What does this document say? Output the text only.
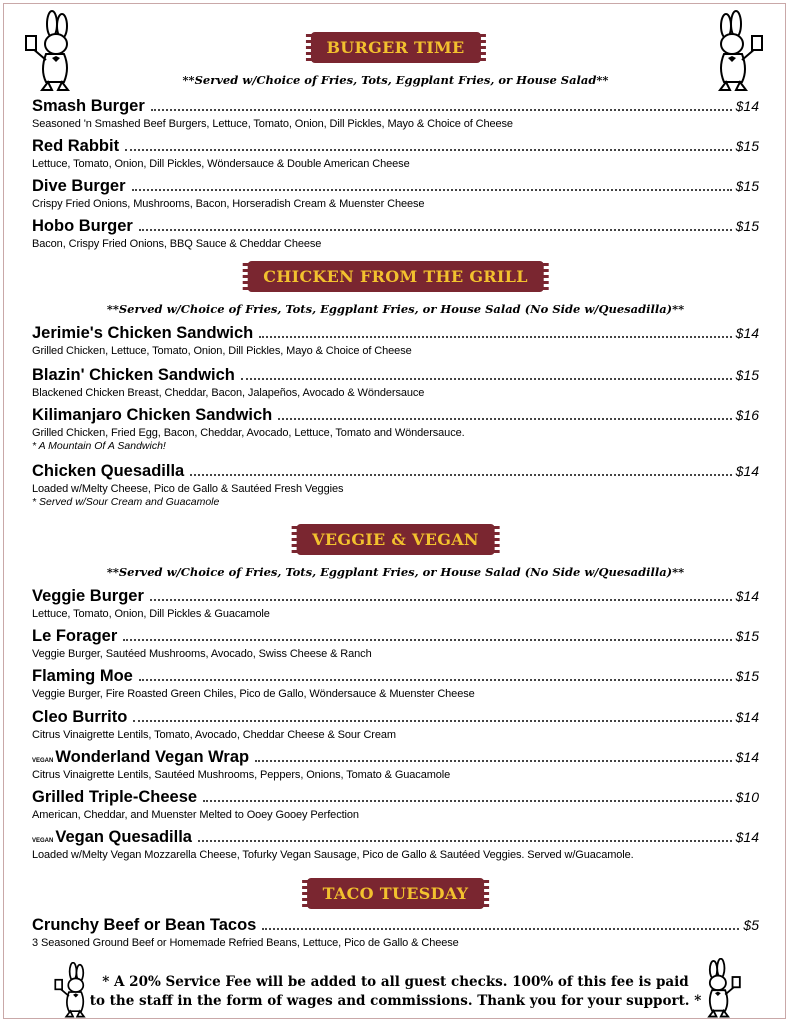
BURGER TIME
**Served w/Choice of Fries, Tots, Eggplant Fries, or House Salad**
CHICKEN FROM THE GRILL
**Served w/Choice of Fries, Tots, Eggplant Fries, or House Salad (No Side w/Quesadilla)**
VEGGIE & VEGAN
**Served w/Choice of Fries, Tots, Eggplant Fries, or House Salad (No Side w/Quesadilla)**
TACO TUESDAY
Smash Burger	$14
Seasoned 'n Smashed Beef Burgers, Lettuce, Tomato, Onion, Dill Pickles, Mayo & Choice of Cheese
Red Rabbit	$15
Lettuce, Tomato, Onion, Dill Pickles, Wöndersauce & Double American Cheese
Dive Burger	$15
Crispy Fried Onions, Mushrooms, Bacon, Horseradish Cream & Muenster Cheese
Hobo Burger	$15
Bacon, Crispy Fried Onions, BBQ Sauce & Cheddar Cheese
Jerimie's Chicken Sandwich	$14
Grilled Chicken, Lettuce, Tomato, Onion, Dill Pickles, Mayo & Choice of Cheese
Blazin' Chicken Sandwich	$15
Blackened Chicken Breast, Cheddar, Bacon, Jalapeños, Avocado & Wöndersauce
Kilimanjaro Chicken Sandwich	$16
Grilled Chicken, Fried Egg, Bacon, Cheddar, Avocado, Lettuce, Tomato and Wöndersauce.
* A Mountain Of A Sandwich!
Chicken Quesadilla	$14
Loaded w/Melty Cheese, Pico de Gallo & Sautéed Fresh Veggies
* Served w/Sour Cream and Guacamole
Veggie Burger	$14
Lettuce, Tomato, Onion, Dill Pickles & Guacamole
Le Forager	$15
Veggie Burger, Sautéed Mushrooms, Avocado, Swiss Cheese & Ranch
Flaming Moe	$15
Veggie Burger, Fire Roasted Green Chiles, Pico de Gallo, Wöndersauce & Muenster Cheese
Cleo Burrito	$14
Citrus Vinaigrette Lentils, Tomato, Avocado, Cheddar Cheese & Sour Cream
VEGAN Wonderland Vegan Wrap	$14
Citrus Vinaigrette Lentils, Sautéed Mushrooms, Peppers, Onions, Tomato & Guacamole
Grilled Triple-Cheese	$10
American, Cheddar, and Muenster Melted to Ooey Gooey Perfection
VEGAN Vegan Quesadilla	$14
Loaded w/Melty Vegan Mozzarella Cheese, Tofurky Vegan Sausage, Pico de Gallo & Sautéed Veggies. Served w/Guacamole.
Crunchy Beef or Bean Tacos	$5
3 Seasoned Ground Beef or Homemade Refried Beans, Lettuce, Pico de Gallo & Cheese
* A 20% Service Fee will be added to all guest checks. 100% of this fee is paid
to the staff in the form of wages and commissions. Thank you for your support. *
